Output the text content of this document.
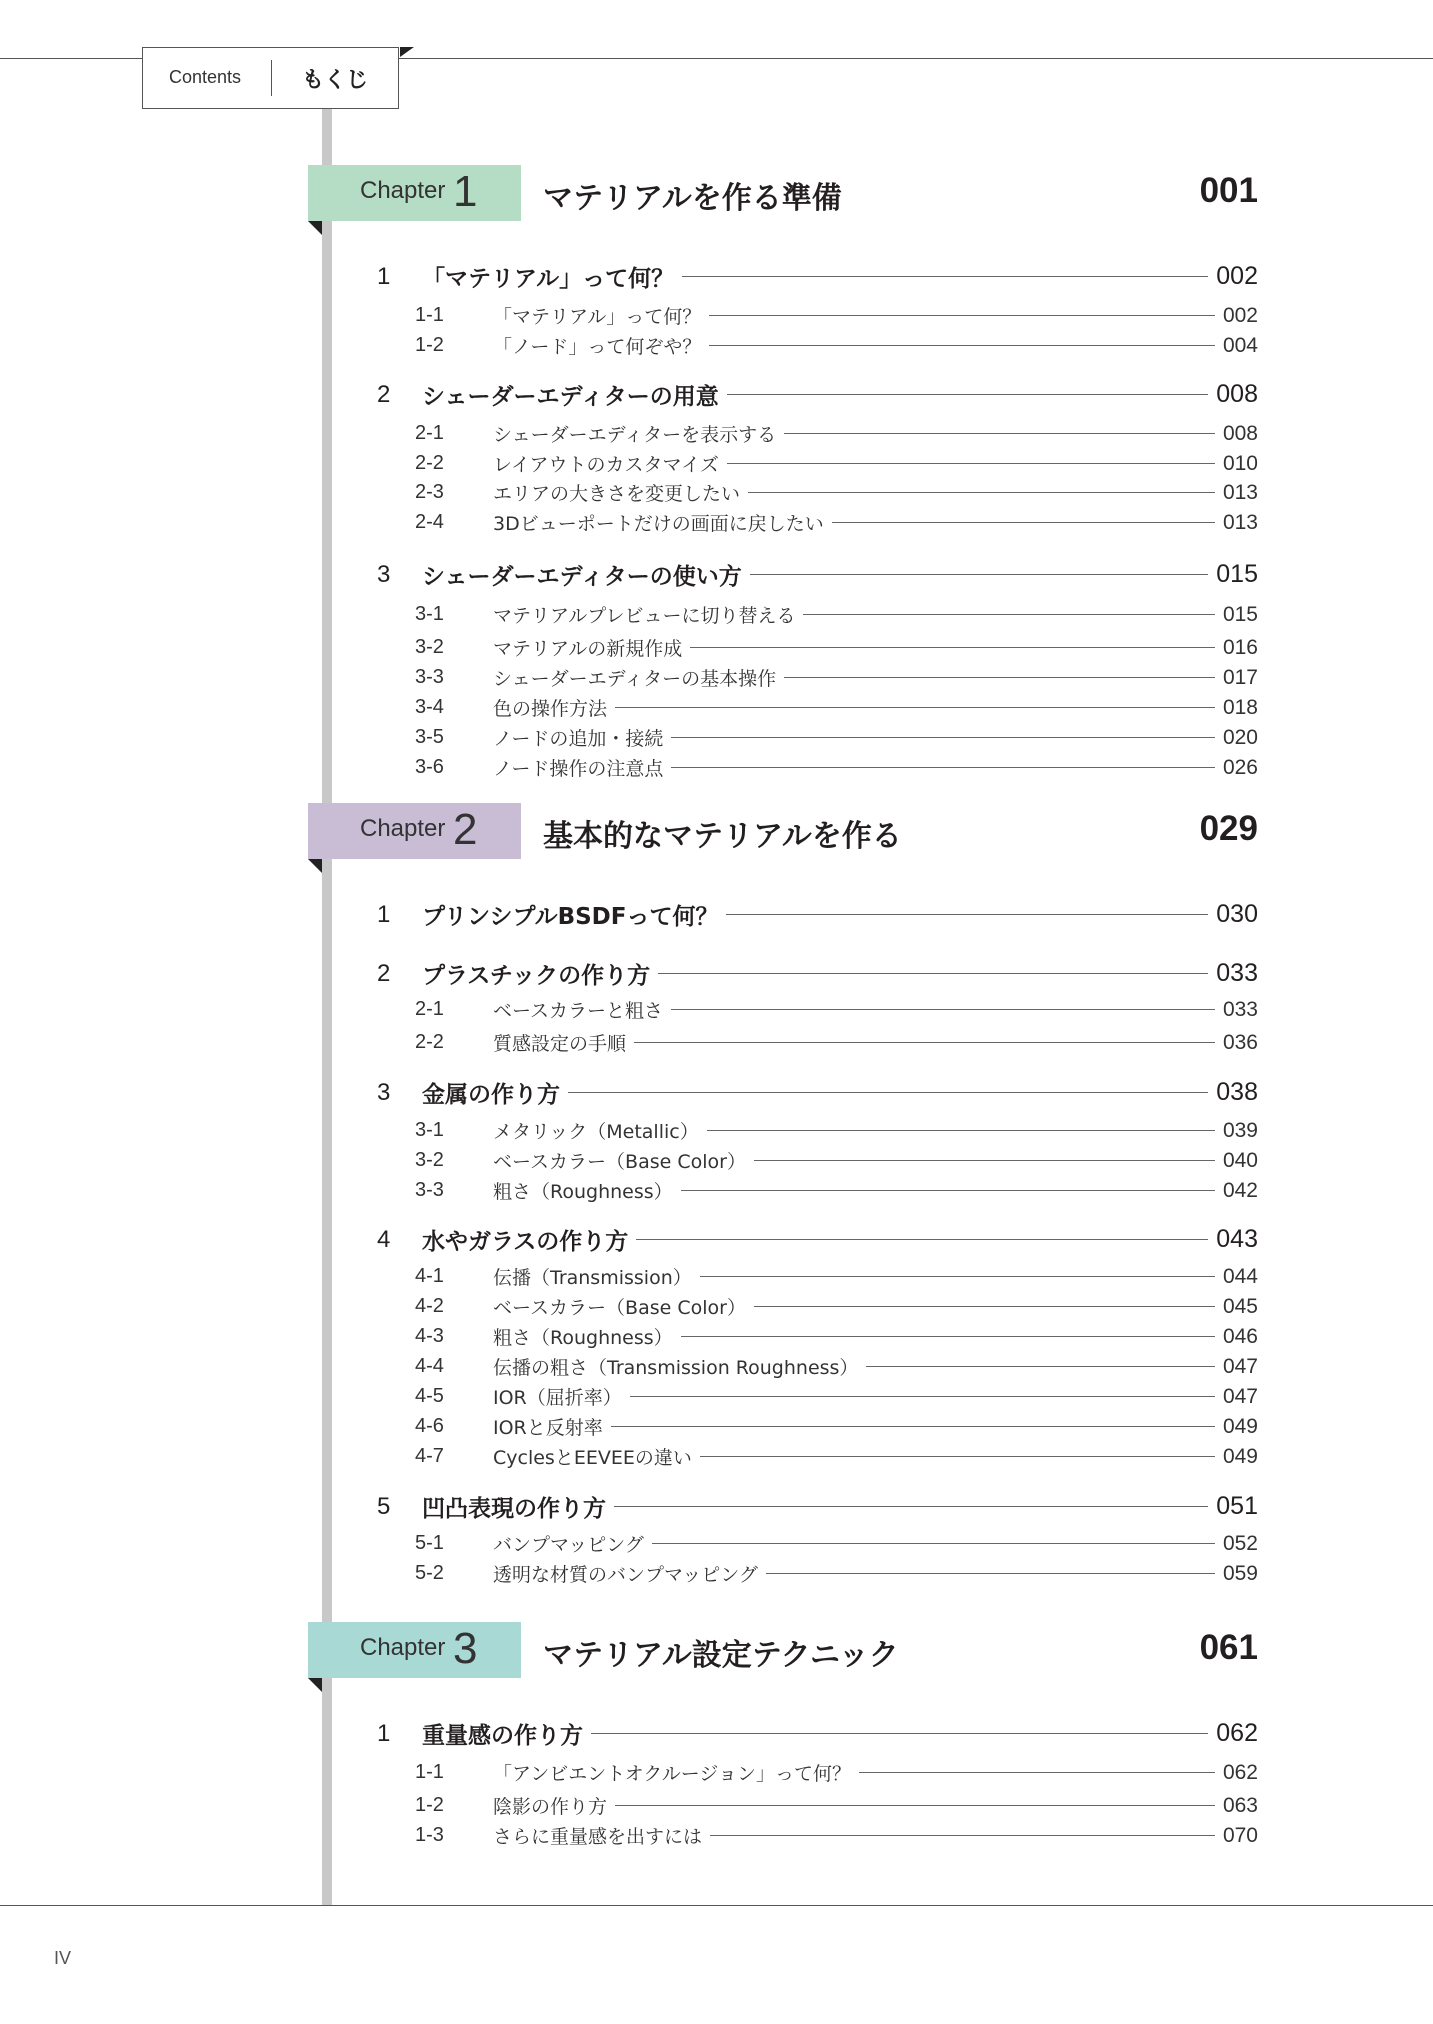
Contents	もくじ
Chapter 1 マテリアルを作る準備	001
1	「マテリアル」って何？	002
1-1	「マテリアル」って何？	002
1-2	「ノード」って何ぞや？	004
2	シェーダーエディターの用意	008
2-1	シェーダーエディターを表示する	008
2-2	レイアウトのカスタマイズ	010
2-3	エリアの大きさを変更したい	013
2-4	3Dビューポートだけの画面に戻したい	013
3	シェーダーエディターの使い方	015
3-1	マテリアルプレビューに切り替える	015
3-2	マテリアルの新規作成	016
3-3	シェーダーエディターの基本操作	017
3-4	色の操作方法	018
3-5	ノードの追加・接続	020
3-6	ノード操作の注意点	026
Chapter 2 基本的なマテリアルを作る	029
1	プリンシプルBSDFって何？	030
2	プラスチックの作り方	033
2-1	ベースカラーと粗さ	033
2-2	質感設定の手順	036
3	金属の作り方	038
3-1	メタリック（Metallic）	039
3-2	ベースカラー（Base Color）	040
3-3	粗さ（Roughness）	042
4	水やガラスの作り方	043
4-1	伝播（Transmission）	044
4-2	ベースカラー（Base Color）	045
4-3	粗さ（Roughness）	046
4-4	伝播の粗さ（Transmission Roughness）	047
4-5	IOR（屈折率）	047
4-6	IORと反射率	049
4-7	CyclesとEEVEEの違い	049
5	凹凸表現の作り方	051
5-1	バンプマッピング	052
5-2	透明な材質のバンプマッピング	059
Chapter 3 マテリアル設定テクニック	061
1	重量感の作り方	062
1-1	「アンビエントオクルージョン」って何？	062
1-2	陰影の作り方	063
1-3	さらに重量感を出すには	070
IV
